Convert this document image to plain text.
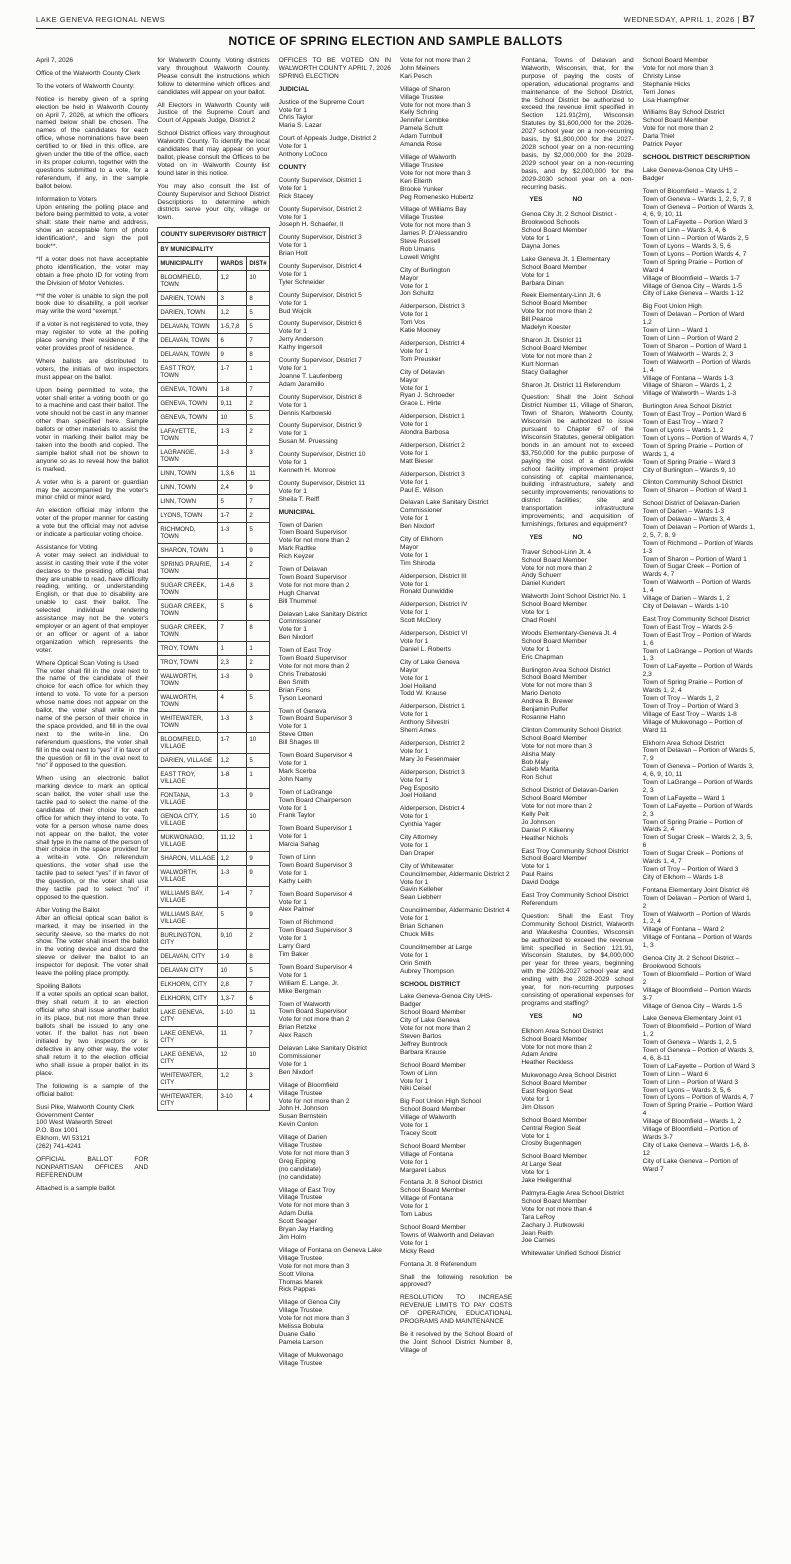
LAKE GENEVA REGIONAL NEWS	WEDNESDAY, APRIL 1, 2026 | B7
NOTICE OF SPRING ELECTION AND SAMPLE BALLOTS

April 7, 2026

Office of the Walworth County Clerk

To the voters of Walworth County:

Notice is hereby given of a spring election be held in Walworth County on April 7, 2026, at which the officers named below shall be chosen. The names of the candidates for each office, whose nominations have been certified to or filed in this office, are given under the title of the office, each in its proper column, together with the questions submitted to a vote, for a referendum, if any, in the sample ballot below.

Information to Voters

Upon entering the polling place and before being permitted to vote, a voter shall: state their name and address, show an acceptable form of photo identification*, and sign the poll book**.

*If a voter does not have acceptable photo identification, the voter may obtain a free photo ID for voting from the Division of Motor Vehicles.

**If the voter is unable to sign the poll book due to disability, a poll worker may write the word “exempt.”

If a voter is not registered to vote, they may register to vote at the polling place serving their residence if the voter provides proof of residence.

Where ballots are distributed to voters, the initials of two inspectors must appear on the ballot.

Upon being permitted to vote, the voter shall enter a voting booth or go to a machine and cast their ballot. The vote should not be cast in any manner other than specified here. Sample ballots or other materials to assist the voter in marking their ballot may be taken into the booth and copied. The sample ballot shall not be shown to anyone so as to reveal how the ballot is marked.

A voter who is a parent or guardian may be accompanied by the voter's minor child or minor ward.

An election official may inform the voter of the proper manner for casting a vote but the official may not advise or indicate a particular voting choice.

Assistance for Voting

A voter may select an individual to assist in casting their vote if the voter declares to the presiding official that they are unable to read, have difficulty reading, writing, or understanding English, or that due to disability are unable to cast their ballot. The selected individual rendering assistance may not be the voter's employer or an agent of that employer or an officer or agent of a labor organization which represents the voter.

Where Optical Scan Voting is Used

The voter shall fill in the oval next to the name of the candidate of their choice for each office for which they intend to vote. To vote for a person whose name does not appear on the ballot, the voter shall write in the name of the person of their choice in the space provided, and fill in the oval next to the write-in line. On referendum questions, the voter shall fill in the oval next to “yes” if in favor of the question or fill in the oval next to “no” if opposed to the question.

When using an electronic ballot marking device to mark an optical scan ballot, the voter shall use the tactile pad to select the name of the candidate of their choice for each office for which they intend to vote. To vote for a person whose name does not appear on the ballot, the voter shall type in the name of the person of their choice in the space provided for a write-in vote. On referendum questions, the voter shall use the tactile pad to select “yes” if in favor of the question, or the voter shall use they tactile pad to select “no” if opposed to the question.

After Voting the Ballot

After an official optical scan ballot is marked, it may be inserted in the security sleeve, so the marks do not show. The voter shall insert the ballot in the voting device and discard the sleeve or deliver the ballot to an inspector for deposit. The voter shall leave the polling place promptly.

Spoiling Ballots

If a voter spoils an optical scan ballot, they shall return it to an election official who shall issue another ballot in its place, but not more than three ballots shall be issued to any one voter. If the ballot has not been initialed by two inspectors or is defective in any other way, the voter shall return it to the election official who shall issue a proper ballot in its place.

The following is a sample of the official ballot:

Susi Pike, Walworth County Clerk

Government Center

100 West Walworth Street

P.O. Box 1001

Elkhorn, WI 53121

(262) 741-4241

OFFICIAL BALLOT FOR NONPARTISAN OFFICES AND REFERENDUM

Attached is a sample ballot

for Walworth County. Voting districts vary throughout Walworth County. Please consult the instructions which follow to determine which offices and candidates will appear on your ballot.

All Electors in Walworth County will Justice of the Supreme Court and Court of Appeals Judge, District 2

School District offices vary throughout Walworth County. To identify the local candidates that may appear on your ballot, please consult the Offices to be Voted on in Walworth County list found later in this notice.

You may also consult the list of County Supervisor and School District Descriptions to determine which districts serve your city, village or town.

COUNTY SUPERVISORY DISTRICT		
BY MUNICIPALITY		
MUNICIPALITY	WARDS	DIST#
BLOOMFIELD, TOWN	1,2	10
DARIEN, TOWN	3	8
DARIEN, TOWN	1,2	5
DELAVAN, TOWN	1-5,7,8	5
DELAVAN, TOWN	6	7
DELAVAN, TOWN	9	8
EAST TROY, TOWN	1-7	1
GENEVA, TOWN	1-8	7
GENEVA, TOWN	9,11	2
GENEVA, TOWN	10	5
LAFAYETTE, TOWN	1-3	2
LAGRANGE, TOWN	1-3	3
LINN, TOWN	1,3,6	11
LINN, TOWN	2,4	9
LINN, TOWN	5	7
LYONS, TOWN	1-7	2
RICHMOND, TOWN	1-3	5
SHARON, TOWN	1	9
SPRING PRAIRIE, TOWN	1-4	2
SUGAR CREEK, TOWN	1-4,6	3
SUGAR CREEK, TOWN	5	6
SUGAR CREEK, TOWN	7	8
TROY, TOWN	1	1
TROY, TOWN	2,3	2
WALWORTH, TOWN	1-3	9
WALWORTH, TOWN	4	5
WHITEWATER, TOWN	1-3	3
BLOOMFIELD, VILLAGE	1-7	10
DARIEN, VILLAGE	1,2	5
EAST TROY, VILLAGE	1-8	1
FONTANA, VILLAGE	1-3	9
GENOA CITY, VILLAGE	1-5	10
MUKWONAGO, VILLAGE	11,12	1
SHARON, VILLAGE	1,2	9
WALWORTH, VILLAGE	1-3	9
WILLIAMS BAY, VILLAGE	1-4	7
WILLIAMS BAY, VILLAGE	5	9
BURLINGTON, CITY	9,10	2
DELAVAN, CITY	1-9	8
DELAVAN CITY	10	5
ELKHORN, CITY	2,8	7
ELKHORN, CITY	1,3-7	6
LAKE GENEVA, CITY	1-10	11
LAKE GENEVA, CITY	11	7
LAKE GENEVA, CITY	12	10
WHITEWATER, CITY	1,2	3
WHITEWATER, CITY	3-10	4

OFFICES TO BE VOTED ON IN WALWORTH COUNTY APRIL 7, 2026 SPRING ELECTION

JUDICIAL

Justice of the Supreme Court
Vote for 1
Chris Taylor
Maria S. Lazar
Court of Appeals Judge, District 2
Vote for 1
Anthony LoCoco

COUNTY

County Supervisor, District 1
Vote for 1
Rick Stacey
County Supervisor, District 2
Vote for 1
Joseph H. Schaefer, II
County Supervisor, District 3
Vote for 1
Brian Holt
County Supervisor, District 4
Vote for 1
Tyler Schneider
County Supervisor, District 5
Vote for 1
Bud Wojcik
County Supervisor, District 6
Vote for 1
Jerry Anderson
Kathy Ingersoll
County Supervisor, District 7
Vote for 1
Joanne T. Laufenberg
Adam Jaramillo
County Supervisor, District 8
Vote for 1
Dennis Karbowski
County Supervisor, District 9
Vote for 1
Susan M. Pruessing
County Supervisor, District 10
Vote for 1
Kenneth H. Monroe
County Supervisor, District 11
Vote for 1
Sheila T. Reiff

MUNICIPAL

Town of Darien
Town Board Supervisor
Vote for not more than 2
Mark Radtke
Rich Keyzer
Town of Delavan
Town Board Supervisor
Vote for not more than 2
Hugh Charvat
Bill Thummel
Delavan Lake Sanitary District Commissioner
Vote for 1
Ben Nixdorf
Town of East Troy
Town Board Supervisor
Vote for not more than 2
Chris Trebatoski
Ben Smith
Brian Fons
Tyson Leonard
Town of Geneva
Town Board Supervisor 3
Vote for 1
Steve Otten
Bill Shages III
Town Board Supervisor 4
Vote for 1
Mark Scerba
John Namy
Town of LaGrange
Town Board Chairperson
Vote for 1
Frank Taylor
Town Board Supervisor 1
Vote for 1
Marcia Sahag
Town of Linn
Town Board Supervisor 3
Vote for 1
Kathy Leith
Town Board Supervisor 4
Vote for 1
Alex Palmer
Town of Richmond
Town Board Supervisor 3
Vote for 1
Larry Gard
Tim Baker
Town Board Supervisor 4
Vote for 1
William E. Lange, Jr.
Mike Bergman
Town of Walworth
Town Board Supervisor
Vote for not more than 2
Brian Retzke
Alex Rasch
Delavan Lake Sanitary District Commissioner
Vote for 1
Ben Nixdorf
Village of Bloomfield
Village Trustee
Vote for not more than 2
John H. Johnson
Susan Bernstein
Kevin Conlon
Village of Darien
Village Trustee
Vote for not more than 3
Greg Epping
(no candidate)
(no candidate)
Village of East Troy
Village Trustee
Vote for not more than 3
Adam Dulla
Scott Seager
Bryan Jay Harding
Jim Holm
Village of Fontana on Geneva Lake
Village Trustee
Vote for not more than 3
Scott Vilona
Thomas Marek
Rick Pappas
Village of Genoa City
Village Trustee
Vote for not more than 3
Melissa Bobula
Duane Gallo
Pamela Larson
Village of Mukwonago
Village Trustee
Vote for not more than 2
John Meiners
Kari Pesch
Village of Sharon
Village Trustee
Vote for not more than 3
Kelly Schring
Jennifer Lembke
Pamela Schutt
Adam Turnbull
Amanda Rose
Village of Walworth
Village Trustee
Vote for not more than 3
Ken Ellerth
Brooke Yunker
Peg Romenesko Hubertz
Village of Williams Bay
Village Trustee
Vote for not more than 3
James P. D'Alessandro
Steve Russell
Rob Umans
Lowell Wright
City of Burlington
Mayor
Vote for 1
Jon Schultz
Alderperson, District 3
Vote for 1
Tom Vos
Katie Mooney
Alderperson, District 4
Vote for 1
Tom Preusker
City of Delavan
Mayor
Vote for 1
Ryan J. Schroeder
Grace L. Hirte
Alderperson, District 1
Vote for 1
Alondra Barbosa
Alderperson, District 2
Vote for 1
Matt Bieser
Alderperson, District 3
Vote for 1
Paul E. Wilson
Delavan Lake Sanitary District Commissioner
Vote for 1
Ben Nixdorf
City of Elkhorn
Mayor
Vote for 1
Tim Shiroda
Alderperson, District III
Vote for 1
Ronald Dunwiddie
Alderperson, District IV
Vote for 1
Scott McClory
Alderperson, District VI
Vote for 1
Daniel L. Roberts
City of Lake Geneva
Mayor
Vote for 1
Joel Hoiland
Todd W. Krause
Alderperson, District 1
Vote for 1
Anthony Silvestri
Sherri Ames
Alderperson, District 2
Vote for 1
Mary Jo Fesenmaier
Alderperson, District 3
Vote for 1
Peg Esposito
Joel Hoiland
Alderperson, District 4
Vote for 1
Cynthia Yager
City Attorney
Vote for 1
Dan Draper
City of Whitewater
Councilmember, Aldermanic District 2
Vote for 1
Gavin Kelleher
Sean Liebherr
Councilmember, Aldermanic District 4
Vote for 1
Brian Schanen
Chuck Mills
Councilmember at Large
Vote for 1
Orin Smith
Aubrey Thompson

SCHOOL DISTRICT

Lake Geneva-Genoa City UHS-Badger
School Board Member
City of Lake Geneva
Vote for not more than 2
Steven Bartos
Jeffrey Buntrock
Barbara Krause
School Board Member
Town of Linn
Vote for 1
Niki Ceisel
Big Foot Union High School
School Board Member
Village of Walworth
Vote for 1
Tracey Scott
School Board Member
Village of Fontana
Vote for 1
Margaret Labus
Fontana Jt. 8 School District
School Board Member
Village of Fontana
Vote for 1
Tom Labus
School Board Member
Towns of Walworth and Delavan
Vote for 1
Micky Reed
Fontana Jt. 8 Referendum

Shall the following resolution be approved?

RESOLUTION TO INCREASE REVENUE LIMITS TO PAY COSTS OF OPERATION, EDUCATIONAL PROGRAMS AND MAINTENANCE

Be it resolved by the School Board of the Joint School District Number 8, Village of

Fontana, Towns of Delavan and Walworth, Wisconsin, that, for the purpose of paying the costs of operation, educational programs and maintenance of the School District, the School District be authorized to exceed the revenue limit specified in Section 121.91(2m), Wisconsin Statutes by $1,600,000 for the 2026-2027 school year on a non-recurring basis, by $1,800,000 for the 2027-2028 school year on a non-recurring basis, by $2,000,000 for the 2028-2029 school year on a non-recurring basis, and by $2,000,000 for the 2029-2030 school year on a non-recurring basis.

YES	NO
Genoa City Jt. 2 School District - Brookwood Schools
School Board Member
Vote for 1
Dayna Jones
Lake Geneva Jt. 1 Elementary
School Board Member
Vote for 1
Barbara Dinan
Reek Elementary-Linn Jt. 6
School Board Member
Vote for not more than 2
Bill Pearce
Madelyn Koester
Sharon Jt. District 11
School Board Member
Vote for not more than 2
Kurt Norman
Stacy Gallagher
Sharon Jt. District 11 Referendum

Question: Shall the Joint School District Number 11, Village of Sharon, Town of Sharon, Walworth County, Wisconsin be authorized to issue pursuant to Chapter 67 of the Wisconsin Statutes, general obligation bonds in an amount not to exceed $3,750,000 for the public purpose of paying the cost of a district-wide school facility improvement project consisting of: capital maintenance, building infrastructure, safety and security improvements; renovations to district facilities; site and transportation infrastructure improvements; and acquisition of furnishings, fixtures and equipment?

YES	NO
Traver School-Linn Jt. 4
School Board Member
Vote for not more than 2
Andy Schuerr
Daniel Kundert
Walworth Joint School District No. 1
School Board Member
Vote for 1
Chad Roehl
Woods Elementary-Geneva Jt. 4
School Board Member
Vote for 1
Eric Chapman
Burlington Area School District
School Board Member
Vote for not more than 3
Mario Denoto
Andrea B. Brewer
Benjamin Pulfer
Rosanne Hahn
Clinton Community School District
School Board Member
Vote for not more than 3
Alisha Maly
Bob Maly
Caleb Marita
Ron Schut
School District of Delavan-Darien
School Board Member
Vote for not more than 2
Kelly Pelt
Jo Johnson
Daniel P. Kilkenny
Heather Nichols
East Troy Community School District
School Board Member
Vote for 1
Paul Rains
David Dodge
East Troy Community School District Referendum

Question: Shall the East Troy Community School District, Walworth and Waukesha Counties, Wisconsin be authorized to exceed the revenue limit specified in Section 121.91, Wisconsin Statutes, by $4,000,000 per year for three years, beginning with the 2026-2027 school year and ending with the 2028-2029 school year, for non-recurring purposes consisting of operational expenses for programs and staffing?

YES	NO
Elkhorn Area School District
School Board Member
Vote for not more than 2
Adam Andre
Heather Reckless
Mukwonago Area School District
School Board Member
East Region Seat
Vote for 1
Jim Olsson
School Board Member
Central Region Seat
Vote for 1
Crosby Bugenhagen
School Board Member
At Large Seat
Vote for 1
Jake Heiligenthal
Palmyra-Eagle Area School District
School Board Member
Vote for not more than 4
Tara LeRoy
Zachary J. Rutkowski
Jean Reith
Joe Carnes
Whitewater Unified School District
School Board Member
Vote for not more than 3
Christy Linse
Stephanie Hicks
Terri Jones
Lisa Huempfner
Williams Bay School District
School Board Member
Vote for not more than 2
Darla Thiel
Patrick Peyer

SCHOOL DISTRICT DESCRIPTION

Lake Geneva-Genoa City UHS – Badger
Town of Bloomfield – Wards 1, 2
Town of Geneva – Wards 1, 2, 5, 7, 8
Town of Geneva – Portion of Wards 3, 4, 6, 9, 10, 11
Town of LaFayette – Portion Ward 3
Town of Linn – Wards 3, 4, 6
Town of Linn – Portion of Wards 2, 5
Town of Lyons – Wards 3, 5, 6
Town of Lyons – Portion Wards 4, 7
Town of Spring Prairie – Portion of Ward 4
Village of Bloomfield – Wards 1-7
Village of Genoa City – Wards 1-5
City of Lake Geneva – Wards 1-12
Big Foot Union High
Town of Delavan – Portion of Ward 1,2
Town of Linn – Ward 1
Town of Linn – Portion of Ward 2
Town of Sharon – Portion of Ward 1
Town of Walworth – Wards 2, 3
Town of Walworth – Portion of Wards 1, 4
Village of Fontana – Wards 1-3
Village of Sharon – Wards 1, 2
Village of Walworth – Wards 1-3
Burlington Area School District
Town of East Troy – Portion Ward 6
Town of East Troy – Ward 7
Town of Lyons – Wards 1, 2
Town of Lyons – Portion of Wards 4, 7
Town of Spring Prairie – Portion of Wards 1, 4
Town of Spring Prairie – Ward 3
City of Burlington – Wards 9, 10
Clinton Community School District
Town of Sharon – Portion of Ward 1
School District of Delavan-Darien
Town of Darien – Wards 1-3
Town of Delavan – Wards 3, 4
Town of Delavan – Portion of Wards 1, 2, 5, 7, 8, 9
Town of Richmond – Portion of Wards 1-3
Town of Sharon – Portion of Ward 1
Town of Sugar Creek – Portion of Wards 4, 7
Town of Walworth – Portion of Wards 1, 4
Village of Darien – Wards 1, 2
City of Delavan – Wards 1-10
East Troy Community School District
Town of East Troy – Wards 2-5
Town of East Troy – Portion of Wards 1, 6
Town of LaGrange – Portion of Wards 1, 3
Town of LaFayette – Portion of Wards 2,3
Town of Spring Prairie – Portion of Wards 1, 2, 4
Town of Troy – Wards 1, 2
Town of Troy – Portion of Ward 3
Village of East Troy – Wards 1-8
Village of Mukwonago – Portion of Ward 11
Elkhorn Area School District
Town of Delavan – Portion of Wards 5, 7, 9
Town of Geneva – Portion of Wards 3, 4, 6, 9, 10, 11
Town of LaGrange – Portion of Wards 2, 3
Town of LaFayette – Ward 1
Town of LaFayette – Portion of Wards 2, 3
Town of Spring Prairie – Portion of Wards 2, 4
Town of Sugar Creek – Wards 2, 3, 5, 6
Town of Sugar Creek – Portions of Wards 1, 4, 7
Town of Troy – Portion of Ward 3
City of Elkhorn – Wards 1-8
Fontana Elementary Joint District #8
Town of Delavan – Portion of Ward 1, 2
Town of Walworth – Portion of Wards 1, 2, 4
Village of Fontana – Ward 2
Village of Fontana – Portion of Wards 1, 3
Genoa City Jt. 2 School District –
Brookwood Schools
Town of Bloomfield – Portion of Ward 2
Village of Bloomfield – Portion Wards 3-7
Village of Genoa City – Wards 1-5
Lake Geneva Elementary Joint #1
Town of Bloomfield – Portion of Ward 1, 2
Town of Geneva – Wards 1, 2, 5
Town of Geneva – Portion of Wards 3, 4, 6, 8-11
Town of LaFayette – Portion of Ward 3
Town of Linn – Ward 6
Town of Linn – Portion of Ward 3
Town of Lyons – Wards 3, 5, 6
Town of Lyons – Portion of Wards 4, 7
Town of Spring Prairie – Portion Ward 4
Village of Bloomfield – Wards 1, 2
Village of Bloomfield – Portion of Wards 3-7
City of Lake Geneva – Wards 1-6, 8-12
City of Lake Geneva – Portion of Ward 7
